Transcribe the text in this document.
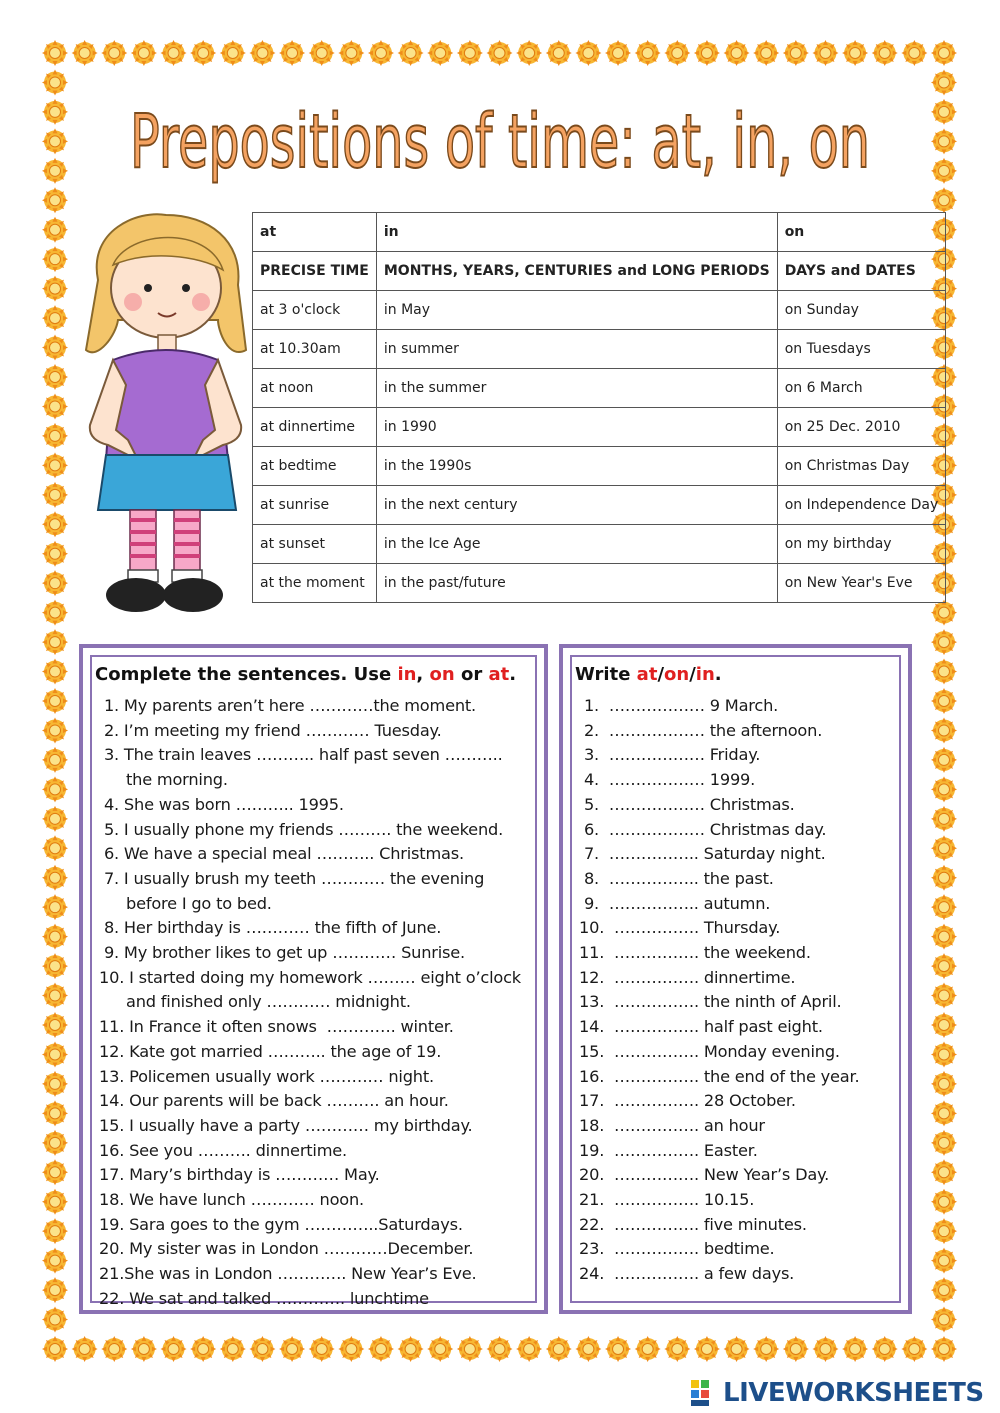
Prepositions of time: at, in, on
at	in	on
PRECISE TIME	MONTHS, YEARS, CENTURIES and LONG PERIODS	DAYS and DATES
at 3 o'clock	in May	on Sunday
at 10.30am	in summer	on Tuesdays
at noon	in the summer	on 6 March
at dinnertime	in 1990	on 25 Dec. 2010
at bedtime	in the 1990s	on Christmas Day
at sunrise	in the next century	on Independence Day
at sunset	in the Ice Age	on my birthday
at the moment	in the past/future	on New Year's Eve
Complete the sentences. Use in, on or at.
1. My parents aren’t here …………the moment.
2. I’m meeting my friend ………… Tuesday.
3. The train leaves ……….. half past seven ………..
the morning.
4. She was born ……….. 1995.
5. I usually phone my friends ………. the weekend.
6. We have a special meal ……….. Christmas.
7. I usually brush my teeth ………… the evening
before I go to bed.
8. Her birthday is ………… the fifth of June.
9. My brother likes to get up ………… Sunrise.
10. I started doing my homework ……… eight o’clock
and finished only ………… midnight.
11. In France it often snows  …………. winter.
12. Kate got married ……….. the age of 19.
13. Policemen usually work ………… night.
14. Our parents will be back ………. an hour.
15. I usually have a party ………… my birthday.
16. See you ………. dinnertime.
17. Mary’s birthday is ………… May.
18. We have lunch ………… noon.
19. Sara goes to the gym …………..Saturdays.
20. My sister was in London …………December.
21.She was in London …………. New Year’s Eve.
22. We sat and talked …………. lunchtime
Write at/on/in.
1.  ……………… 9 March.
2.  ……………… the afternoon.
3.  ……………… Friday.
4.  ……………… 1999.
5.  ……………… Christmas.
6.  ……………… Christmas day.
7.  …………….. Saturday night.
8.  …………….. the past.
9.  …………….. autumn.
10.  ……………. Thursday.
11.  ……………. the weekend.
12.  ……………. dinnertime.
13.  ……………. the ninth of April.
14.  ……………. half past eight.
15.  ……………. Monday evening.
16.  ……………. the end of the year.
17.  ……………. 28 October.
18.  ……………. an hour
19.  ……………. Easter.
20.  ……………. New Year’s Day.
21.  ……………. 10.15.
22.  ……………. five minutes.
23.  ……………. bedtime.
24.  ……………. a few days.
LIVEWORKSHEETS
